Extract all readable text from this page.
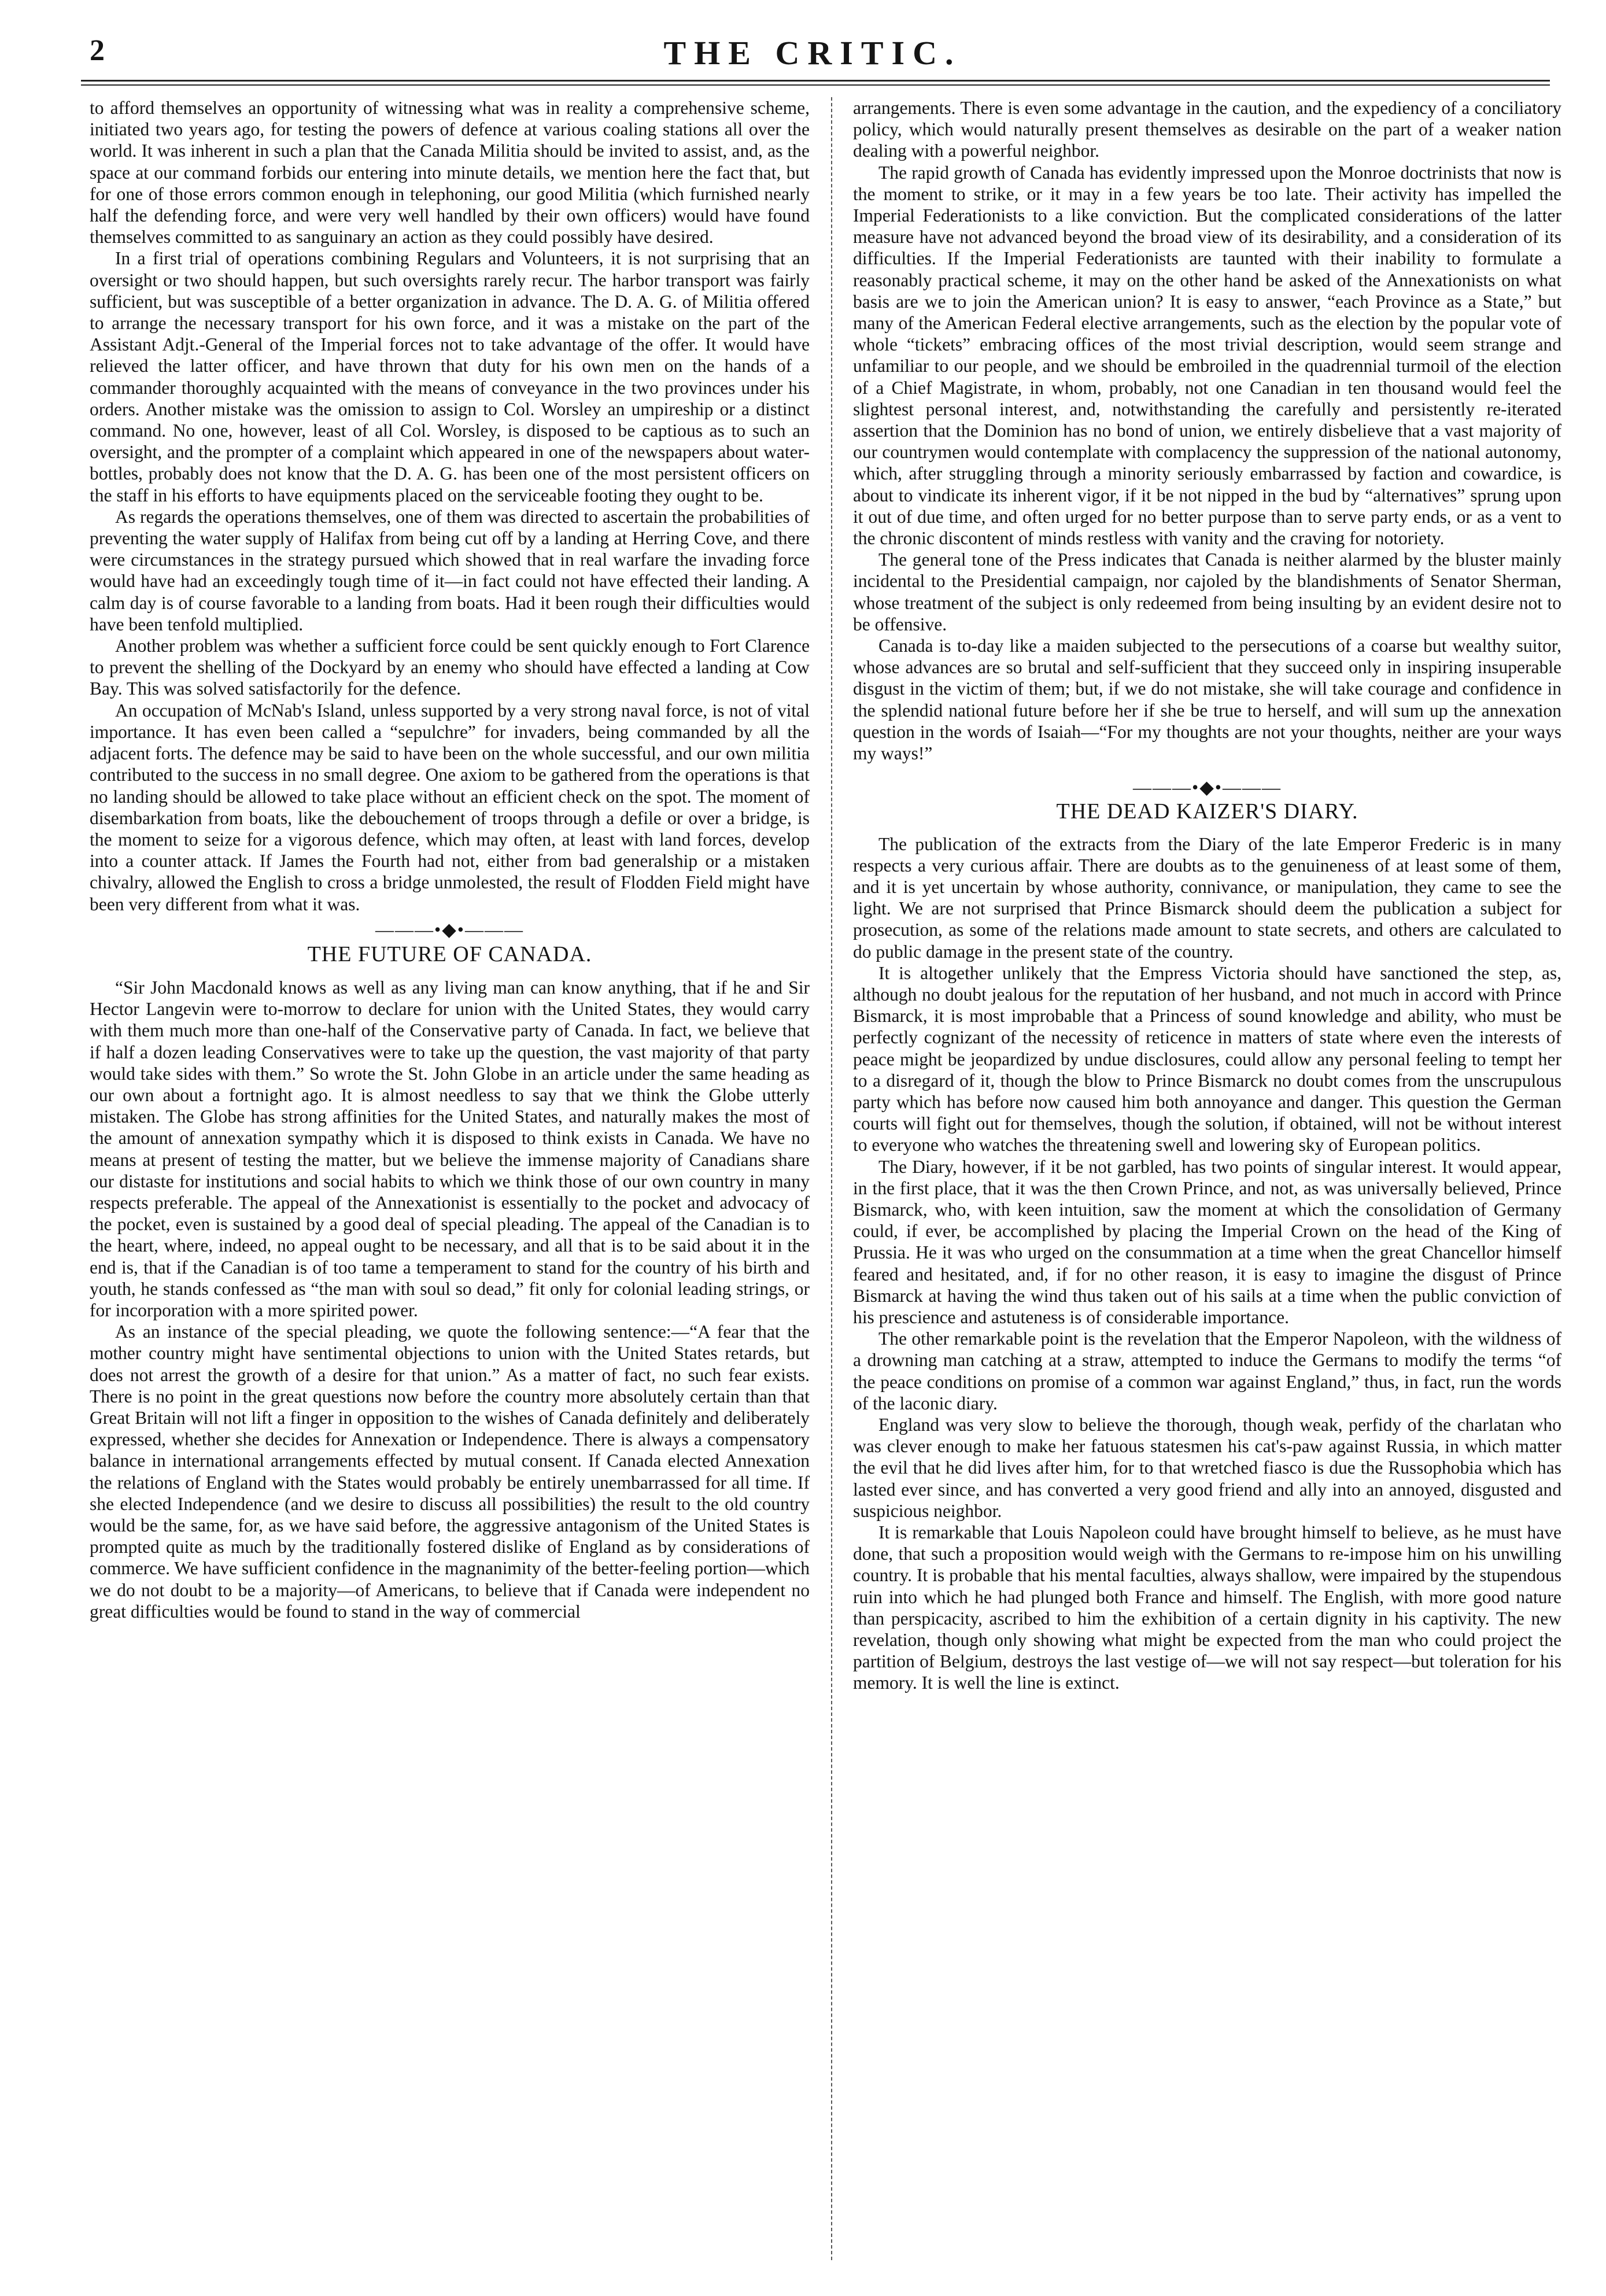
2	THE CRITIC.

to afford themselves an opportunity of witnessing what was in reality a comprehensive scheme, initiated two years ago, for testing the powers of defence at various coaling stations all over the world. It was inherent in such a plan that the Canada Militia should be invited to assist, and, as the space at our command forbids our entering into minute details, we mention here the fact that, but for one of those errors common enough in telephoning, our good Militia (which furnished nearly half the defending force, and were very well handled by their own officers) would have found themselves committed to as sanguinary an action as they could possibly have desired.

In a first trial of operations combining Regulars and Volunteers, it is not surprising that an oversight or two should happen, but such oversights rarely recur. The harbor transport was fairly sufficient, but was susceptible of a better organization in advance. The D. A. G. of Militia offered to arrange the necessary transport for his own force, and it was a mistake on the part of the Assistant Adjt.-General of the Imperial forces not to take advantage of the offer. It would have relieved the latter officer, and have thrown that duty for his own men on the hands of a commander thoroughly acquainted with the means of conveyance in the two provinces under his orders. Another mistake was the omission to assign to Col. Worsley an umpireship or a distinct command. No one, however, least of all Col. Worsley, is disposed to be captious as to such an oversight, and the prompter of a complaint which appeared in one of the newspapers about water-bottles, probably does not know that the D. A. G. has been one of the most persistent officers on the staff in his efforts to have equipments placed on the serviceable footing they ought to be.

As regards the operations themselves, one of them was directed to ascertain the probabilities of preventing the water supply of Halifax from being cut off by a landing at Herring Cove, and there were circumstances in the strategy pursued which showed that in real warfare the invading force would have had an exceedingly tough time of it—in fact could not have effected their landing. A calm day is of course favorable to a landing from boats. Had it been rough their difficulties would have been tenfold multiplied.

Another problem was whether a sufficient force could be sent quickly enough to Fort Clarence to prevent the shelling of the Dockyard by an enemy who should have effected a landing at Cow Bay. This was solved satisfactorily for the defence.

An occupation of McNab's Island, unless supported by a very strong naval force, is not of vital importance. It has even been called a “sepulchre” for invaders, being commanded by all the adjacent forts. The defence may be said to have been on the whole successful, and our own militia contributed to the success in no small degree. One axiom to be gathered from the operations is that no landing should be allowed to take place without an efficient check on the spot. The moment of disembarkation from boats, like the debouchement of troops through a defile or over a bridge, is the moment to seize for a vigorous defence, which may often, at least with land forces, develop into a counter attack. If James the Fourth had not, either from bad generalship or a mistaken chivalry, allowed the English to cross a bridge unmolested, the result of Flodden Field might have been very different from what it was.

———•◆•———
THE FUTURE OF CANADA.

“Sir John Macdonald knows as well as any living man can know anything, that if he and Sir Hector Langevin were to-morrow to declare for union with the United States, they would carry with them much more than one-half of the Conservative party of Canada. In fact, we believe that if half a dozen leading Conservatives were to take up the question, the vast majority of that party would take sides with them.” So wrote the St. John Globe in an article under the same heading as our own about a fortnight ago. It is almost needless to say that we think the Globe utterly mistaken. The Globe has strong affinities for the United States, and naturally makes the most of the amount of annexation sympathy which it is disposed to think exists in Canada. We have no means at present of testing the matter, but we believe the immense majority of Canadians share our distaste for institutions and social habits to which we think those of our own country in many respects preferable. The appeal of the Annexationist is essentially to the pocket and advocacy of the pocket, even is sustained by a good deal of special pleading. The appeal of the Canadian is to the heart, where, indeed, no appeal ought to be necessary, and all that is to be said about it in the end is, that if the Canadian is of too tame a temperament to stand for the country of his birth and youth, he stands confessed as “the man with soul so dead,” fit only for colonial leading strings, or for incorporation with a more spirited power.

As an instance of the special pleading, we quote the following sentence:—“A fear that the mother country might have sentimental objections to union with the United States retards, but does not arrest the growth of a desire for that union.” As a matter of fact, no such fear exists. There is no point in the great questions now before the country more absolutely certain than that Great Britain will not lift a finger in opposition to the wishes of Canada definitely and deliberately expressed, whether she decides for Annexation or Independence. There is always a compensatory balance in international arrangements effected by mutual consent. If Canada elected Annexation the relations of England with the States would probably be entirely unembarrassed for all time. If she elected Independence (and we desire to discuss all possibilities) the result to the old country would be the same, for, as we have said before, the aggressive antagonism of the United States is prompted quite as much by the traditionally fostered dislike of England as by considerations of commerce. We have sufficient confidence in the magnanimity of the better-feeling portion—which we do not doubt to be a majority—of Americans, to believe that if Canada were independent no great difficulties would be found to stand in the way of commercial

arrangements. There is even some advantage in the caution, and the expediency of a conciliatory policy, which would naturally present themselves as desirable on the part of a weaker nation dealing with a powerful neighbor.

The rapid growth of Canada has evidently impressed upon the Monroe doctrinists that now is the moment to strike, or it may in a few years be too late. Their activity has impelled the Imperial Federationists to a like conviction. But the complicated considerations of the latter measure have not advanced beyond the broad view of its desirability, and a consideration of its difficulties. If the Imperial Federationists are taunted with their inability to formulate a reasonably practical scheme, it may on the other hand be asked of the Annexationists on what basis are we to join the American union? It is easy to answer, “each Province as a State,” but many of the American Federal elective arrangements, such as the election by the popular vote of whole “tickets” embracing offices of the most trivial description, would seem strange and unfamiliar to our people, and we should be embroiled in the quadrennial turmoil of the election of a Chief Magistrate, in whom, probably, not one Canadian in ten thousand would feel the slightest personal interest, and, notwithstanding the carefully and persistently re-iterated assertion that the Dominion has no bond of union, we entirely disbelieve that a vast majority of our countrymen would contemplate with complacency the suppression of the national autonomy, which, after struggling through a minority seriously embarrassed by faction and cowardice, is about to vindicate its inherent vigor, if it be not nipped in the bud by “alternatives” sprung upon it out of due time, and often urged for no better purpose than to serve party ends, or as a vent to the chronic discontent of minds restless with vanity and the craving for notoriety.

The general tone of the Press indicates that Canada is neither alarmed by the bluster mainly incidental to the Presidential campaign, nor cajoled by the blandishments of Senator Sherman, whose treatment of the subject is only redeemed from being insulting by an evident desire not to be offensive.

Canada is to-day like a maiden subjected to the persecutions of a coarse but wealthy suitor, whose advances are so brutal and self-sufficient that they succeed only in inspiring insuperable disgust in the victim of them; but, if we do not mistake, she will take courage and confidence in the splendid national future before her if she be true to herself, and will sum up the annexation question in the words of Isaiah—“For my thoughts are not your thoughts, neither are your ways my ways!”

———•◆•———
THE DEAD KAIZER'S DIARY.

The publication of the extracts from the Diary of the late Emperor Frederic is in many respects a very curious affair. There are doubts as to the genuineness of at least some of them, and it is yet uncertain by whose authority, connivance, or manipulation, they came to see the light. We are not surprised that Prince Bismarck should deem the publication a subject for prosecution, as some of the relations made amount to state secrets, and others are calculated to do public damage in the present state of the country.

It is altogether unlikely that the Empress Victoria should have sanctioned the step, as, although no doubt jealous for the reputation of her husband, and not much in accord with Prince Bismarck, it is most improbable that a Princess of sound knowledge and ability, who must be perfectly cognizant of the necessity of reticence in matters of state where even the interests of peace might be jeopardized by undue disclosures, could allow any personal feeling to tempt her to a disregard of it, though the blow to Prince Bismarck no doubt comes from the unscrupulous party which has before now caused him both annoyance and danger. This question the German courts will fight out for themselves, though the solution, if obtained, will not be without interest to everyone who watches the threatening swell and lowering sky of European politics.

The Diary, however, if it be not garbled, has two points of singular interest. It would appear, in the first place, that it was the then Crown Prince, and not, as was universally believed, Prince Bismarck, who, with keen intuition, saw the moment at which the consolidation of Germany could, if ever, be accomplished by placing the Imperial Crown on the head of the King of Prussia. He it was who urged on the consummation at a time when the great Chancellor himself feared and hesitated, and, if for no other reason, it is easy to imagine the disgust of Prince Bismarck at having the wind thus taken out of his sails at a time when the public conviction of his prescience and astuteness is of considerable importance.

The other remarkable point is the revelation that the Emperor Napoleon, with the wildness of a drowning man catching at a straw, attempted to induce the Germans to modify the terms “of the peace conditions on promise of a common war against England,” thus, in fact, run the words of the laconic diary.

England was very slow to believe the thorough, though weak, perfidy of the charlatan who was clever enough to make her fatuous statesmen his cat's-paw against Russia, in which matter the evil that he did lives after him, for to that wretched fiasco is due the Russophobia which has lasted ever since, and has converted a very good friend and ally into an annoyed, disgusted and suspicious neighbor.

It is remarkable that Louis Napoleon could have brought himself to believe, as he must have done, that such a proposition would weigh with the Germans to re-impose him on his unwilling country. It is probable that his mental faculties, always shallow, were impaired by the stupendous ruin into which he had plunged both France and himself. The English, with more good nature than perspicacity, ascribed to him the exhibition of a certain dignity in his captivity. The new revelation, though only showing what might be expected from the man who could project the partition of Belgium, destroys the last vestige of—we will not say respect—but toleration for his memory. It is well the line is extinct.
